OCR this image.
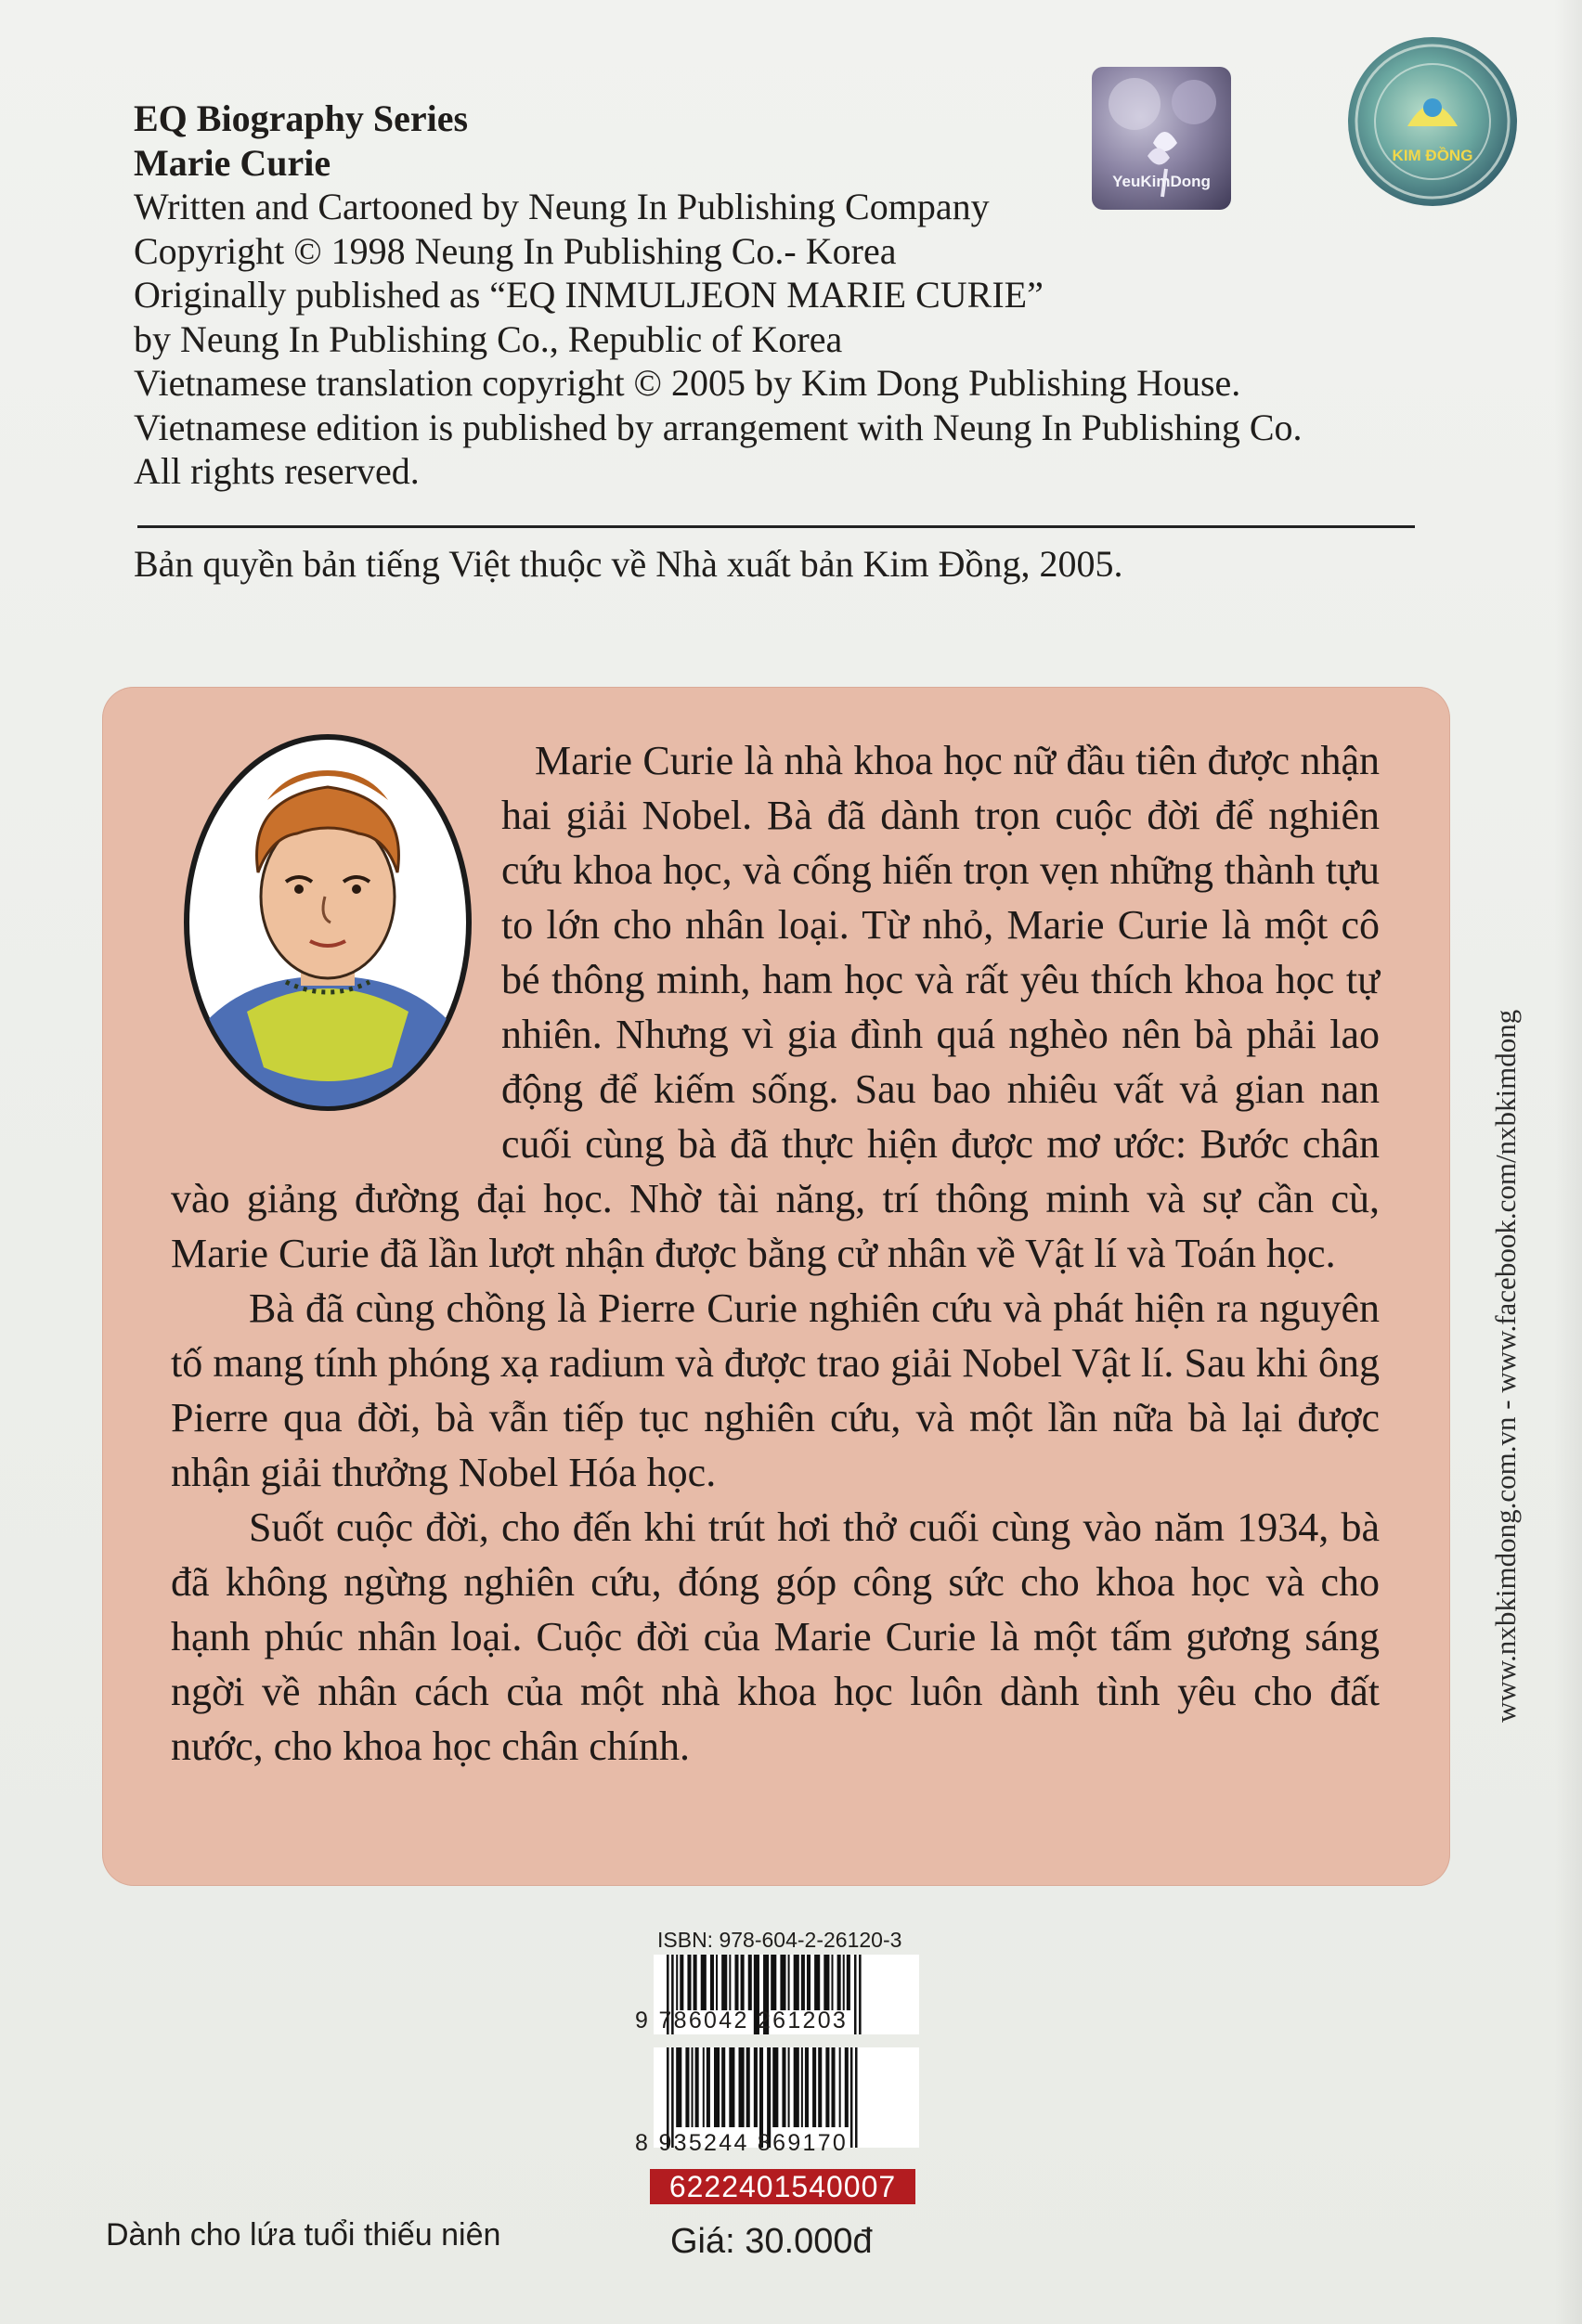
EQ Biography Series
Marie Curie
Written and Cartooned by Neung In Publishing Company
Copyright © 1998 Neung In Publishing Co.- Korea
Originally published as “EQ INMULJEON MARIE CURIE”
by Neung In Publishing Co., Republic of Korea
Vietnamese translation copyright © 2005 by Kim Dong Publishing House.
Vietnamese edition is published by arrangement with Neung In Publishing Co.
All rights reserved.
Bản quyền bản tiếng Việt thuộc về Nhà xuất bản Kim Đồng, 2005.
YeuKimDong
KIM ĐỒNG

Marie Curie là nhà khoa học nữ đầu tiên được nhận hai giải Nobel. Bà đã dành trọn cuộc đời để nghiên cứu khoa học, và cống hiến trọn vẹn những thành tựu to lớn cho nhân loại. Từ nhỏ, Marie Curie là một cô bé thông minh, ham học và rất yêu thích khoa học tự nhiên. Nhưng vì gia đình quá nghèo nên bà phải lao động để kiếm sống. Sau bao nhiêu vất vả gian nan cuối cùng bà đã thực hiện được mơ ước: Bước chân vào giảng đường đại học. Nhờ tài năng, trí thông minh và sự cần cù, Marie Curie đã lần lượt nhận được bằng cử nhân về Vật lí và Toán học.

Bà đã cùng chồng là Pierre Curie nghiên cứu và phát hiện ra nguyên tố mang tính phóng xạ radium và được trao giải Nobel Vật lí. Sau khi ông Pierre qua đời, bà vẫn tiếp tục nghiên cứu, và một lần nữa bà lại được nhận giải thưởng Nobel Hóa học.

Suốt cuộc đời, cho đến khi trút hơi thở cuối cùng vào năm 1934, bà đã không ngừng nghiên cứu, đóng góp công sức cho khoa học và cho hạnh phúc nhân loại. Cuộc đời của Marie Curie là một tấm gương sáng ngời về nhân cách của một nhà khoa học luôn dành tình yêu cho đất nước, cho khoa học chân chính.

www.nxbkimdong.com.vn - www.facebook.com/nxbkimdong
ISBN: 978-604-2-26120-3
9 786042 261203
8 935244 869170
6222401540007
Dành cho lứa tuổi thiếu niên	Giá: 30.000đ
